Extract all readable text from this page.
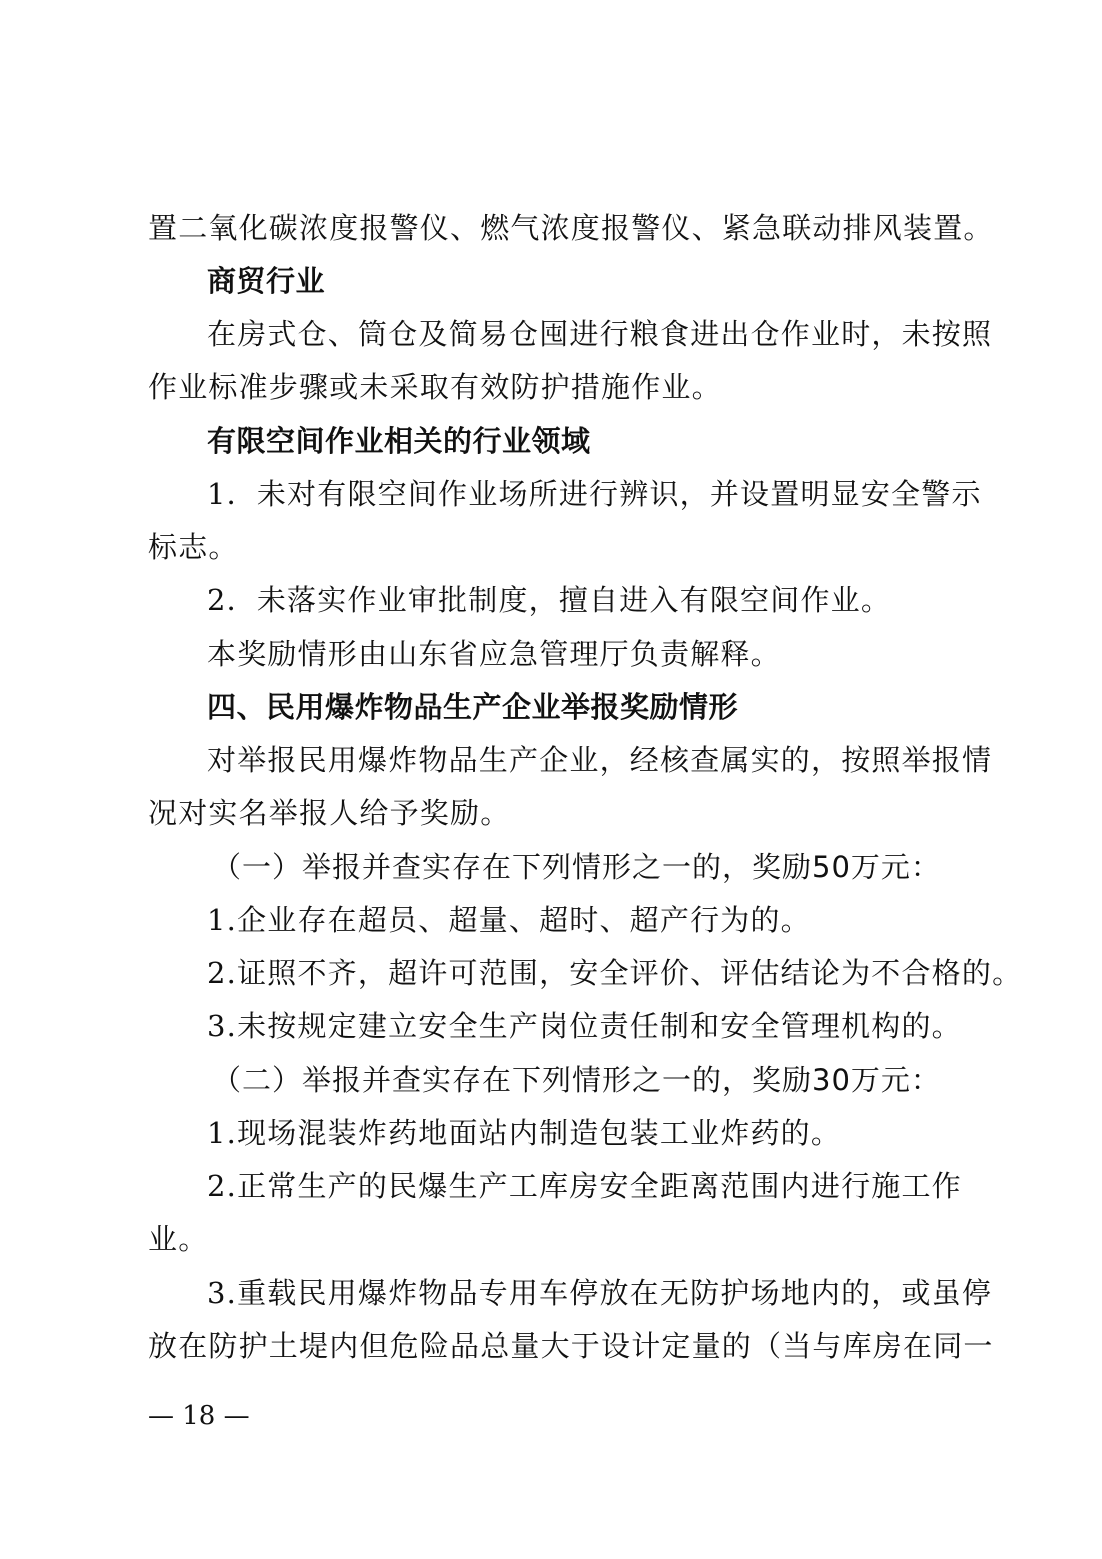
置二氧化碳浓度报警仪、燃气浓度报警仪、紧急联动排风装置。
商贸行业
在房式仓、筒仓及简易仓囤进行粮食进出仓作业时，未按照
作业标准步骤或未采取有效防护措施作业。
有限空间作业相关的行业领域
1．未对有限空间作业场所进行辨识，并设置明显安全警示
标志。
2．未落实作业审批制度，擅自进入有限空间作业。
本奖励情形由山东省应急管理厅负责解释。
四、民用爆炸物品生产企业举报奖励情形
对举报民用爆炸物品生产企业，经核查属实的，按照举报情
况对实名举报人给予奖励。
（一）举报并查实存在下列情形之一的，奖励50万元：
1.企业存在超员、超量、超时、超产行为的。
2.证照不齐，超许可范围，安全评价、评估结论为不合格的。
3.未按规定建立安全生产岗位责任制和安全管理机构的。
（二）举报并查实存在下列情形之一的，奖励30万元：
1.现场混装炸药地面站内制造包装工业炸药的。
2.正常生产的民爆生产工库房安全距离范围内进行施工作
业。
3.重载民用爆炸物品专用车停放在无防护场地内的，或虽停
放在防护土堤内但危险品总量大于设计定量的（当与库房在同一
— 18 —
